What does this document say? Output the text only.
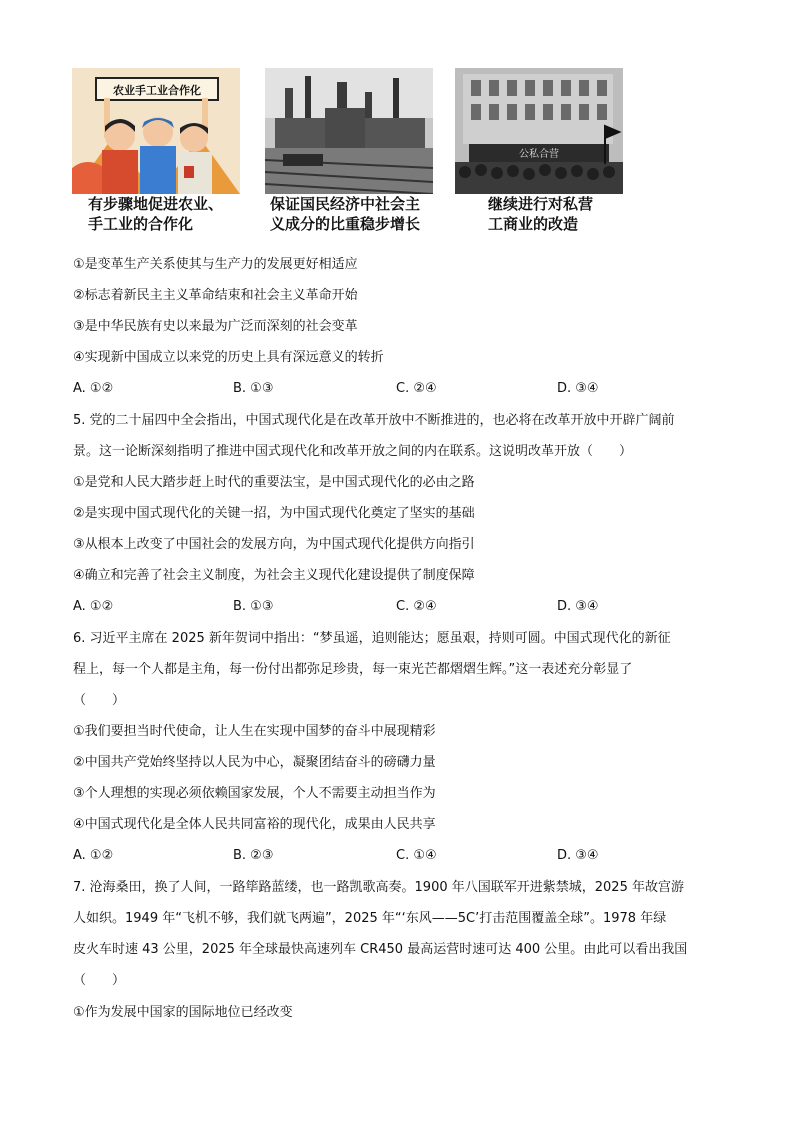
农业手工业合作化
公私合营
有步骤地促进农业、
手工业的合作化
保证国民经济中社会主
义成分的比重稳步增长
继续进行对私营
工商业的改造
①是变革生产关系使其与生产力的发展更好相适应
②标志着新民主主义革命结束和社会主义革命开始
③是中华民族有史以来最为广泛而深刻的社会变革
④实现新中国成立以来党的历史上具有深远意义的转折
A. ①②	B. ①③	C. ②④	D. ③④
5. 党的二十届四中全会指出，中国式现代化是在改革开放中不断推进的，也必将在改革开放中开辟广阔前
景。这一论断深刻指明了推进中国式现代化和改革开放之间的内在联系。这说明改革开放（　　）
①是党和人民大踏步赶上时代的重要法宝，是中国式现代化的必由之路
②是实现中国式现代化的关键一招，为中国式现代化奠定了坚实的基础
③从根本上改变了中国社会的发展方向，为中国式现代化提供方向指引
④确立和完善了社会主义制度，为社会主义现代化建设提供了制度保障
A. ①②	B. ①③	C. ②④	D. ③④
6. 习近平主席在 2025 新年贺词中指出：“梦虽遥，追则能达；愿虽艰，持则可圆。中国式现代化的新征
程上，每一个人都是主角，每一份付出都弥足珍贵，每一束光芒都熠熠生辉。”这一表述充分彰显了
（　　）
①我们要担当时代使命，让人生在实现中国梦的奋斗中展现精彩
②中国共产党始终坚持以人民为中心，凝聚团结奋斗的磅礴力量
③个人理想的实现必须依赖国家发展，个人不需要主动担当作为
④中国式现代化是全体人民共同富裕的现代化，成果由人民共享
A. ①②	B. ②③	C. ①④	D. ③④
7. 沧海桑田，换了人间，一路筚路蓝缕，也一路凯歌高奏。1900 年八国联军开进紫禁城，2025 年故宫游
人如织。1949 年“飞机不够，我们就飞两遍”，2025 年“‘东风——5C’打击范围覆盖全球”。1978 年绿
皮火车时速 43 公里，2025 年全球最快高速列车 CR450 最高运营时速可达 400 公里。由此可以看出我国
（　　）
①作为发展中国家的国际地位已经改变
